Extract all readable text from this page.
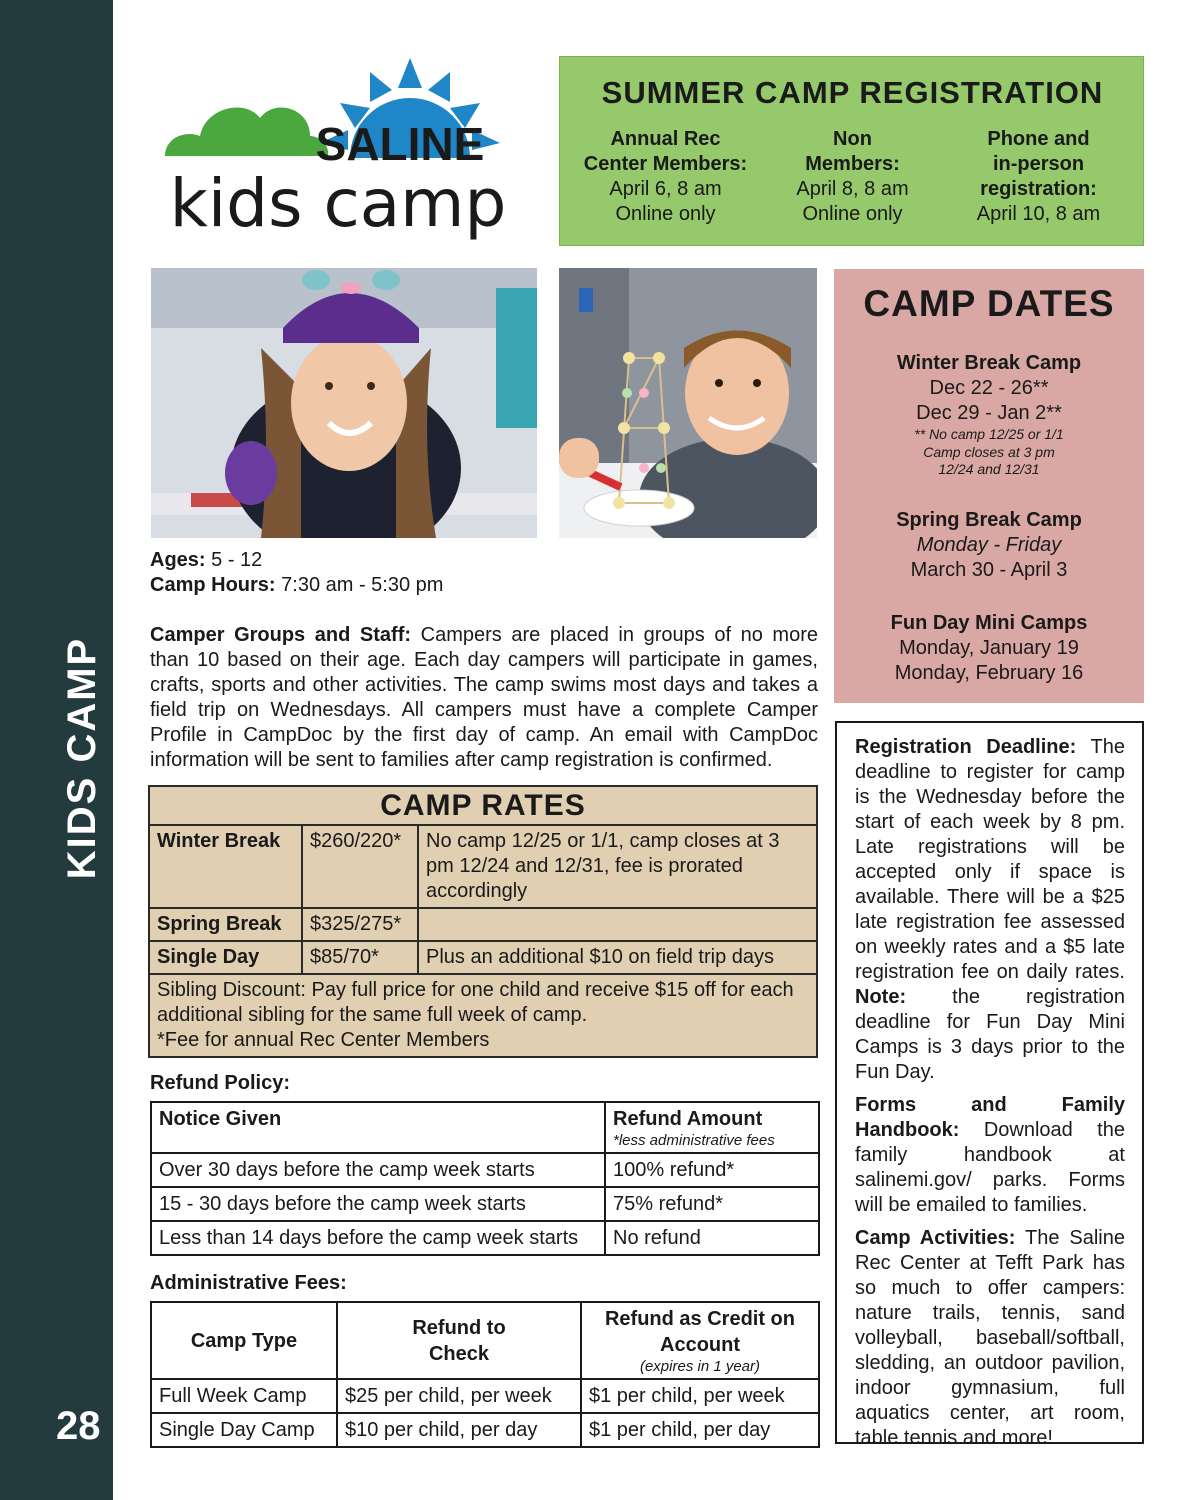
KIDS CAMP
28
SALINE
kids camp
SUMMER CAMP REGISTRATION
Annual Rec
Center Members:
April 6, 8 am
Online only
Non
Members:
April 8, 8 am
Online only
Phone and
in-person
registration:
April 10, 8 am
CAMP DATES
Winter Break Camp
Dec 22 - 26**
Dec 29 - Jan 2**
** No camp 12/25 or 1/1
Camp closes at 3 pm
12/24 and 12/31
Spring Break Camp
Monday - Friday
March 30 - April 3
Fun Day Mini Camps
Monday, January 19
Monday, February 16
Ages: 5 - 12
Camp Hours: 7:30 am - 5:30 pm
Camper Groups and Staff: Campers are placed in groups of no more than 10 based on their age. Each day campers will participate in games, crafts, sports and other activities. The camp swims most days and takes a field trip on Wednesdays. All campers must have a complete Camper Profile in CampDoc by the first day of camp. An email with CampDoc information will be sent to families after camp registration is confirmed.
CAMP RATES		
Winter Break	$260/220*	No camp 12/25 or 1/1, camp closes at 3 pm 12/24 and 12/31, fee is prorated accordingly
Spring Break	$325/275*	
Single Day	$85/70*	Plus an additional $10 on field trip days

Sibling Discount: Pay full price for one child and receive $15 off for each additional sibling for the same full week of camp.
*Fee for annual Rec Center Members		
Refund Policy:
Notice Given	Refund Amount
*less administrative fees

Over 30 days before the camp week starts	100% refund*
15 - 30 days before the camp week starts	75% refund*
Less than 14 days before the camp week starts	No refund
Administrative Fees:
Camp Type	Refund to Check	Refund as Credit on Account
(expires in 1 year)

Full Week Camp	$25 per child, per week	$1 per child, per week
Single Day Camp	$10 per child, per day	$1 per child, per day

Registration Deadline: The deadline to register for camp is the Wednesday before the start of each week by 8 pm. Late registrations will be accepted only if space is available. There will be a $25 late registration fee assessed on weekly rates and a $5 late registration fee on daily rates. Note: the registration deadline for Fun Day Mini Camps is 3 days prior to the Fun Day.

Forms and Family Handbook: Download the family handbook at salinemi.gov/ parks. Forms will be emailed to families.

Camp Activities: The Saline Rec Center at Tefft Park has so much to offer campers: nature trails, tennis, sand volleyball, baseball/softball, sledding, an outdoor pavilion, indoor gymnasium, full aquatics center, art room, table tennis and more!
